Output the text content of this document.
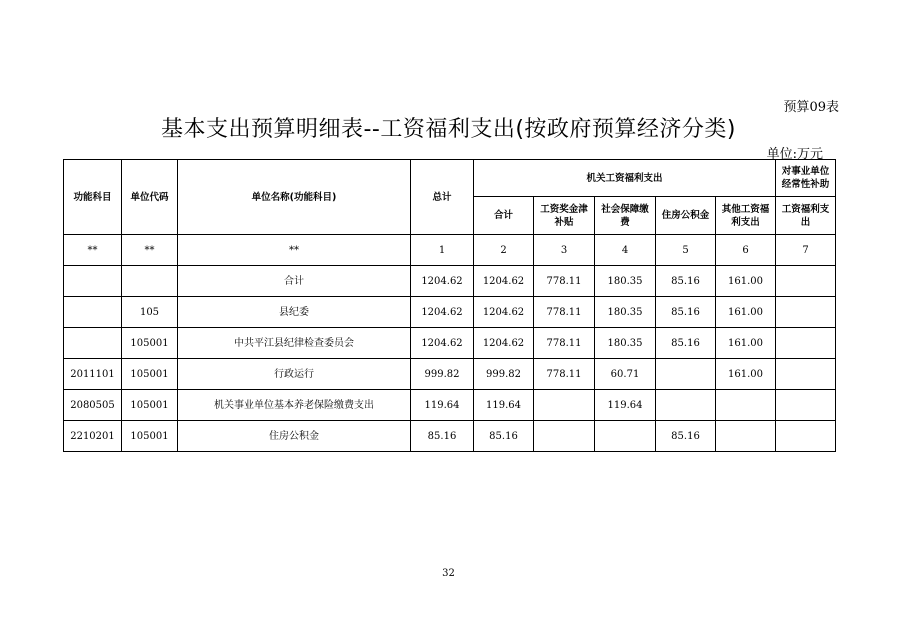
预算09表
基本支出预算明细表--工资福利支出(按政府预算经济分类)
单位:万元
功能科目	单位代码	单位名称(功能科目)	总计	机关工资福利支出					对事业单位经常性补助
				合计	工资奖金津补贴	社会保障缴费	住房公积金	其他工资福利支出	工资福利支出
**	**	**	1	2	3	4	5	6	7
		合计	1204.62	1204.62	778.11	180.35	85.16	161.00	
	105	县纪委	1204.62	1204.62	778.11	180.35	85.16	161.00	
	105001	中共平江县纪律检查委员会	1204.62	1204.62	778.11	180.35	85.16	161.00	
2011101	105001	行政运行	999.82	999.82	778.11	60.71		161.00	
2080505	105001	机关事业单位基本养老保险缴费支出	119.64	119.64		119.64			
2210201	105001	住房公积金	85.16	85.16			85.16		
32
